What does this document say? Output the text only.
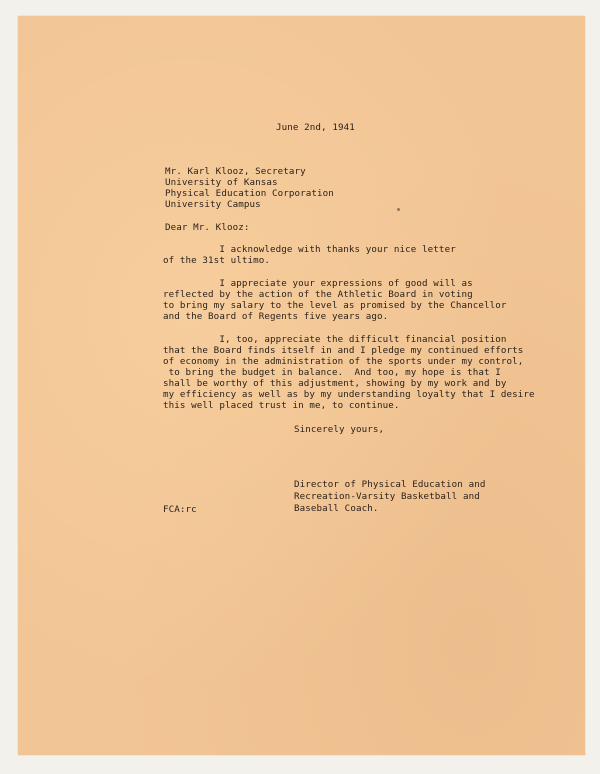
June 2nd, 1941
Mr. Karl Klooz, Secretary
University of Kansas
Physical Education Corporation
University Campus
Dear Mr. Klooz:
I acknowledge with thanks your nice letter
of the 31st ultimo.
I appreciate your expressions of good will as
reflected by the action of the Athletic Board in voting
to bring my salary to the level as promised by the Chancellor
and the Board of Regents five years ago.
I, too, appreciate the difficult financial position
that the Board finds itself in and I pledge my continued efforts
of economy in the administration of the sports under my control,
to bring the budget in balance.  And too, my hope is that I
shall be worthy of this adjustment, showing by my work and by
my efficiency as well as by my understanding loyalty that I desire
this well placed trust in me, to continue.
Sincerely yours,
Director of Physical Education and
Recreation-Varsity Basketball and
Baseball Coach.
FCA:rc
